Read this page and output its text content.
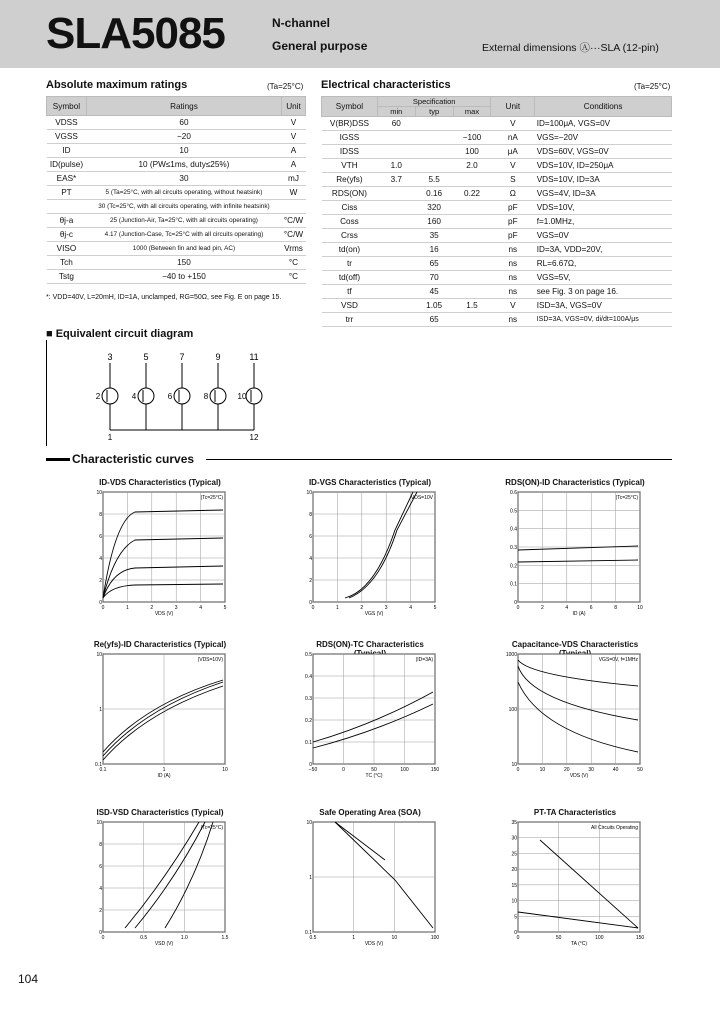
SLA5085	N-channel
General purpose	External dimensions Ⓐ···SLA (12-pin)
Absolute maximum ratings	(Ta=25°C)
Symbol	Ratings	Unit
VDSS	60	V
VGSS	−20	V
ID	10	A
ID(pulse)	10 (PW≤1ms, duty≤25%)	A
EAS*	30	mJ
PT	5 (Ta=25°C, with all circuits operating, without heatsink)	W
	30 (Tc=25°C, with all circuits operating, with infinite heatsink)	
θj-a	25 (Junction-Air, Ta=25°C, with all circuits operating)	°C/W
θj-c	4.17 (Junction-Case, Tc=25°C with all circuits operating)	°C/W
VISO	1000 (Between fin and lead pin, AC)	Vrms
Tch	150	°C
Tstg	−40 to +150	°C
*: VDD=40V, L=20mH, ID=1A, unclamped, RG=50Ω, see Fig. E on page 15.
Electrical characteristics	(Ta=25°C)
Symbol	Specification			Unit	Conditions
	min	typ	max		
V(BR)DSS	60			V	ID=100μA, VGS=0V
IGSS			−100	nA	VGS=−20V
IDSS			100	μA	VDS=60V, VGS=0V
VTH	1.0		2.0	V	VDS=10V, ID=250μA
Re(yfs)	3.7	5.5		S	VDS=10V, ID=3A
RDS(ON)		0.16	0.22	Ω	VGS=4V, ID=3A
Ciss		320		pF	VDS=10V,
Coss		160		pF	f=1.0MHz,
Crss		35		pF	VGS=0V
td(on)		16		ns	ID=3A, VDD=20V,
tr		65		ns	RL=6.67Ω,
td(off)		70		ns	VGS=5V,
tf		45		ns	see Fig. 3 on page 16.
VSD		1.05	1.5	V	ISD=3A, VGS=0V
trr		65		ns	ISD=3A, VGS=0V, di/dt=100A/μs
■ Equivalent circuit diagram
3
2
5
4
7
6
9
8
11
10
1	12
Characteristic curves
ID-VDS Characteristics (Typical)
0	1	2	3	4	5
0
2
4
6
8
10
VDS (V)
(Tc=25°C)
ID-VGS Characteristics (Typical)
0	1	2	3	4	5
0
2
4
6
8
10
VGS (V)
VDS=10V
RDS(ON)-ID Characteristics (Typical)
0	2	4	6	8	10
0
0.1
0.2
0.3
0.4
0.5
0.6
ID (A)
(Tc=25°C)
Re(yfs)-ID Characteristics (Typical)
0.1	1	10
0.1
1
10
ID (A)
(VDS=10V)
RDS(ON)-TC Characteristics
−50	0	50	100	150
0
0.1
0.2
0.3
0.4
0.5
TC (°C)
(ID=3A)
Capacitance-VDS Characteristics
0	10	20	30	40	50
10
100
1000
VDS (V)
VGS=0V, f=1MHz
ISD-VSD Characteristics (Typical)
0	0.5	1.0	1.5
0
2
4
6
8
10
VSD (V)
(Tc=25°C)
Safe Operating Area (SOA)
0.5	1	10	100
0.1
1
10
VDS (V)
PT-TA Characteristics
0	50	100	150
0
5
10
15
20
25
30
35
TA (°C)
All Circuits Operating
104
